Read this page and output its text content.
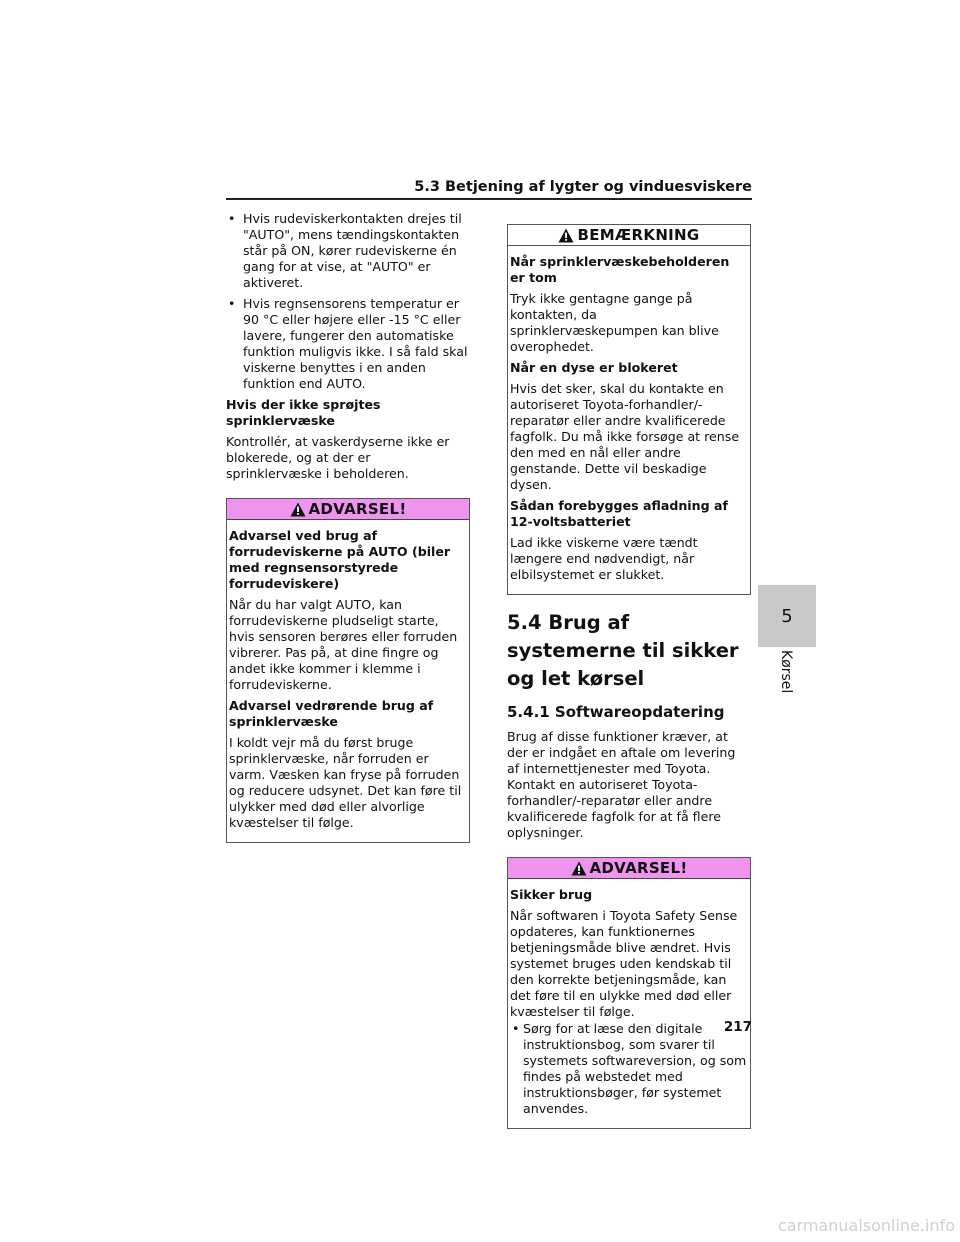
5.3 Betjening af lygter og vinduesviskere
• Hvis rudeviskerkontakten drejes til "AUTO", mens tændingskontakten står på ON, kører rudeviskerne én gang for at vise, at "AUTO" er aktiveret.
• Hvis regnsensorens temperatur er 90 °C eller højere eller -15 °C eller lavere, fungerer den automatiske funktion muligvis ikke. I så fald skal viskerne benyttes i en anden funktion end AUTO.

Hvis der ikke sprøjtes sprinklervæske

Kontrollér, at vaskerdyserne ikke er blokerede, og at der er sprinklervæske i beholderen.

ADVARSEL!

Advarsel ved brug af forrudeviskerne på AUTO (biler med regnsensorstyrede forrudeviskere)

Når du har valgt AUTO, kan forrudeviskerne pludseligt starte, hvis sensoren berøres eller forruden vibrerer. Pas på, at dine fingre og andet ikke kommer i klemme i forrudeviskerne.

Advarsel vedrørende brug af sprinklervæske

I koldt vejr må du først bruge sprinklervæske, når forruden er varm. Væsken kan fryse på forruden og reducere udsynet. Det kan føre til ulykker med død eller alvorlige kvæstelser til følge.

BEMÆRKNING

Når sprinklervæskebeholderen er tom

Tryk ikke gentagne gange på kontakten, da sprinklervæskepumpen kan blive overophedet.

Når en dyse er blokeret

Hvis det sker, skal du kontakte en autoriseret Toyota-forhandler/-reparatør eller andre kvalificerede fagfolk. Du må ikke forsøge at rense den med en nål eller andre genstande. Dette vil beskadige dysen.

Sådan forebygges afladning af 12-voltsbatteriet

Lad ikke viskerne være tændt længere end nødvendigt, når elbilsystemet er slukket.

5.4 Brug af systemerne til sikker og let kørsel
5.4.1 Softwareopdatering

Brug af disse funktioner kræver, at der er indgået en aftale om levering af internettjenester med Toyota. Kontakt en autoriseret Toyota-forhandler/-reparatør eller andre kvalificerede fagfolk for at få flere oplysninger.

ADVARSEL!

Sikker brug

Når softwaren i Toyota Safety Sense opdateres, kan funktionernes betjeningsmåde blive ændret. Hvis systemet bruges uden kendskab til den korrekte betjeningsmåde, kan det føre til en ulykke med død eller kvæstelser til følge.

• Sørg for at læse den digitale instruktionsbog, som svarer til systemets softwareversion, og som findes på webstedet med instruktionsbøger, før systemet anvendes.
5
Kørsel
217
carmanualsonline.info
